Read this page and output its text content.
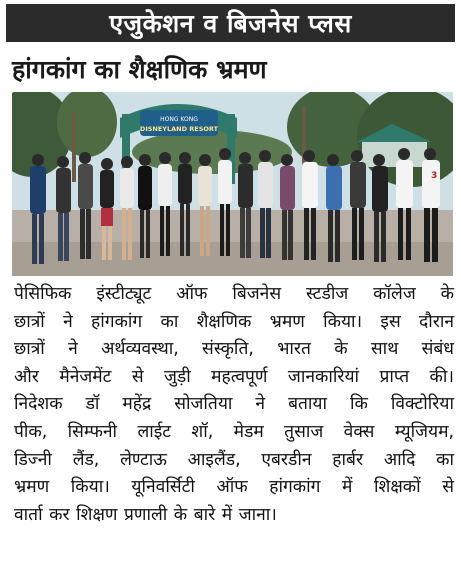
एजुकेशन व बिजनेस प्लस
हांगकांग का शैक्षणिक भ्रमण
HONG KONG
DISNEYLAND RESORT
3
पेसिफिक इंस्टीट्यूट ऑफ बिजनेस स्टडीज कॉलेज के
छात्रों ने हांगकांग का शैक्षणिक भ्रमण किया। इस दौरान
छात्रों ने अर्थव्यवस्था, संस्कृति, भारत के साथ संबंध
और मैनेजमेंट से जुड़ी महत्वपूर्ण जानकारियां प्राप्त की।
निदेशक डॉ महेंद्र सोजतिया ने बताया कि विक्टोरिया
पीक, सिम्फनी लाईट शॉ, मेडम तुसाज वेक्स म्यूजियम,
डिज्नी लैंड, लेण्टाऊ आइलैंड, एबरडीन हार्बर आदि का
भ्रमण किया। यूनिवर्सिटी ऑफ हांगकांग में शिक्षकों से
वार्ता कर शिक्षण प्रणाली के बारे में जाना।
